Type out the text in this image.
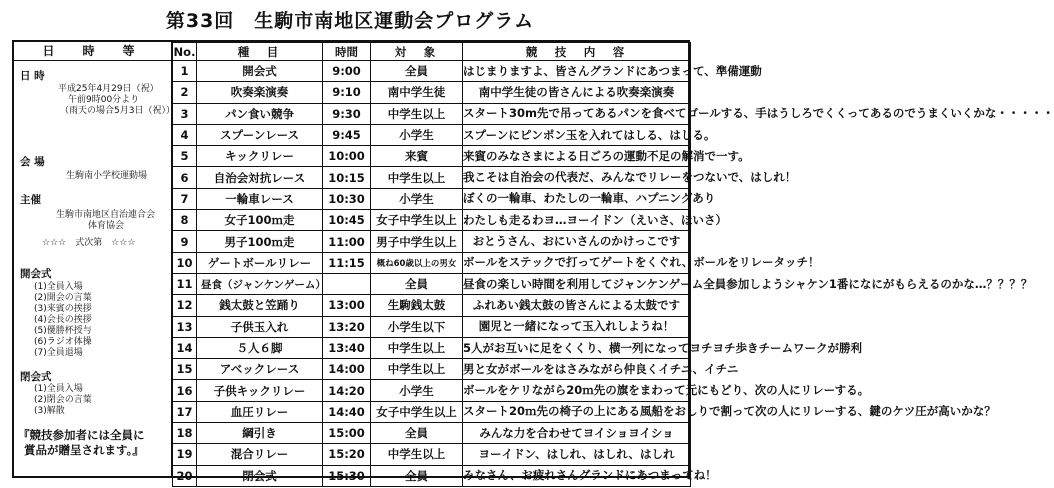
第33回　生駒市南地区運動会プログラム
日　時　等
日 時
平成25年4月29日（祝）
午前9時00分より
（雨天の場合5月3日（祝））
会 場
生駒南小学校運動場
主催
生駒市南地区自治連合会
体育協会
☆☆☆　式次第　☆☆☆
開会式
(1)全員入場
(2)開会の言葉
(3)来賓の挨拶
(4)会長の挨拶
(5)優勝杯授与
(6)ラジオ体操
(7)全員退場
閉会式
(1)全員入場
(2)閉会の言葉
(3)解散
『競技参加者には全員に
賞品が贈呈されます。』
No.	種　目	時間	対　象	競　技　内　容
1	開会式	9:00	全員	はじまりますよ、皆さんグランドにあつまって、準備運動
2	吹奏楽演奏	9:10	南中学生徒	南中学生徒の皆さんによる吹奏楽演奏
3	パン食い競争	9:30	中学生以上	スタート30m先で吊ってあるパンを食べてゴールする、手はうしろでくくってあるのでうまくいくかな・・・・・
4	スプーンレース	9:45	小学生	スプーンにピンポン玉を入れてはしる、はしる。
5	キックリレー	10:00	来賓	来賓のみなさまによる日ごろの運動不足の解消で一す。
6	自治会対抗レース	10:15	中学生以上	我こそは自治会の代表だ、みんなでリレーをつないで、はしれ！
7	一輪車レース	10:30	小学生	ぼくの一輪車、わたしの一輪車、ハプニングあり
8	女子100ｍ走	10:45	女子中学生以上	わたしも走るわヨ…ヨーイドン（えいさ、ほいさ）
9	男子100ｍ走	11:00	男子中学生以上	おとうさん、おにいさんのかけっこです
10	ゲートボールリレー	11:15	概ね60歳以上の男女	ボールをステックで打ってゲートをくぐれ、ボールをリレータッチ！
11	昼食（ジャンケンゲーム）		全員	昼食の楽しい時間を利用してジャンケンゲーム全員参加しようシャケン1番になにがもらえるのかな…？？？？
12	銭太鼓と笠踊り	13:00	生駒銭太鼓	ふれあい銭太鼓の皆さんによる太鼓です
13	子供玉入れ	13:20	小学生以下	園児と一緒になって玉入れしようね！
14	５人６脚	13:40	中学生以上	5人がお互いに足をくくり、横一列になってヨチヨチ歩きチームワークが勝利
15	アベックレース	14:00	中学生以上	男と女がボールをはさみながら仲良くイチニ、イチニ
16	子供キックリレー	14:20	小学生	ボールをケリながら20ｍ先の旗をまわって元にもどり、次の人にリレーする。
17	血圧リレー	14:40	女子中学生以上	スタート20ｍ先の椅子の上にある風船をおしりで割って次の人にリレーする、鍵のケツ圧が高いかな？
18	綱引き	15:00	全員	みんな力を合わせてヨイショヨイショ
19	混合リレー	15:20	中学生以上	ヨーイドン、はしれ、はしれ、はしれ
20	閉会式	15:30	全員	みなさん、お疲れさんグランドにあつまってね！
